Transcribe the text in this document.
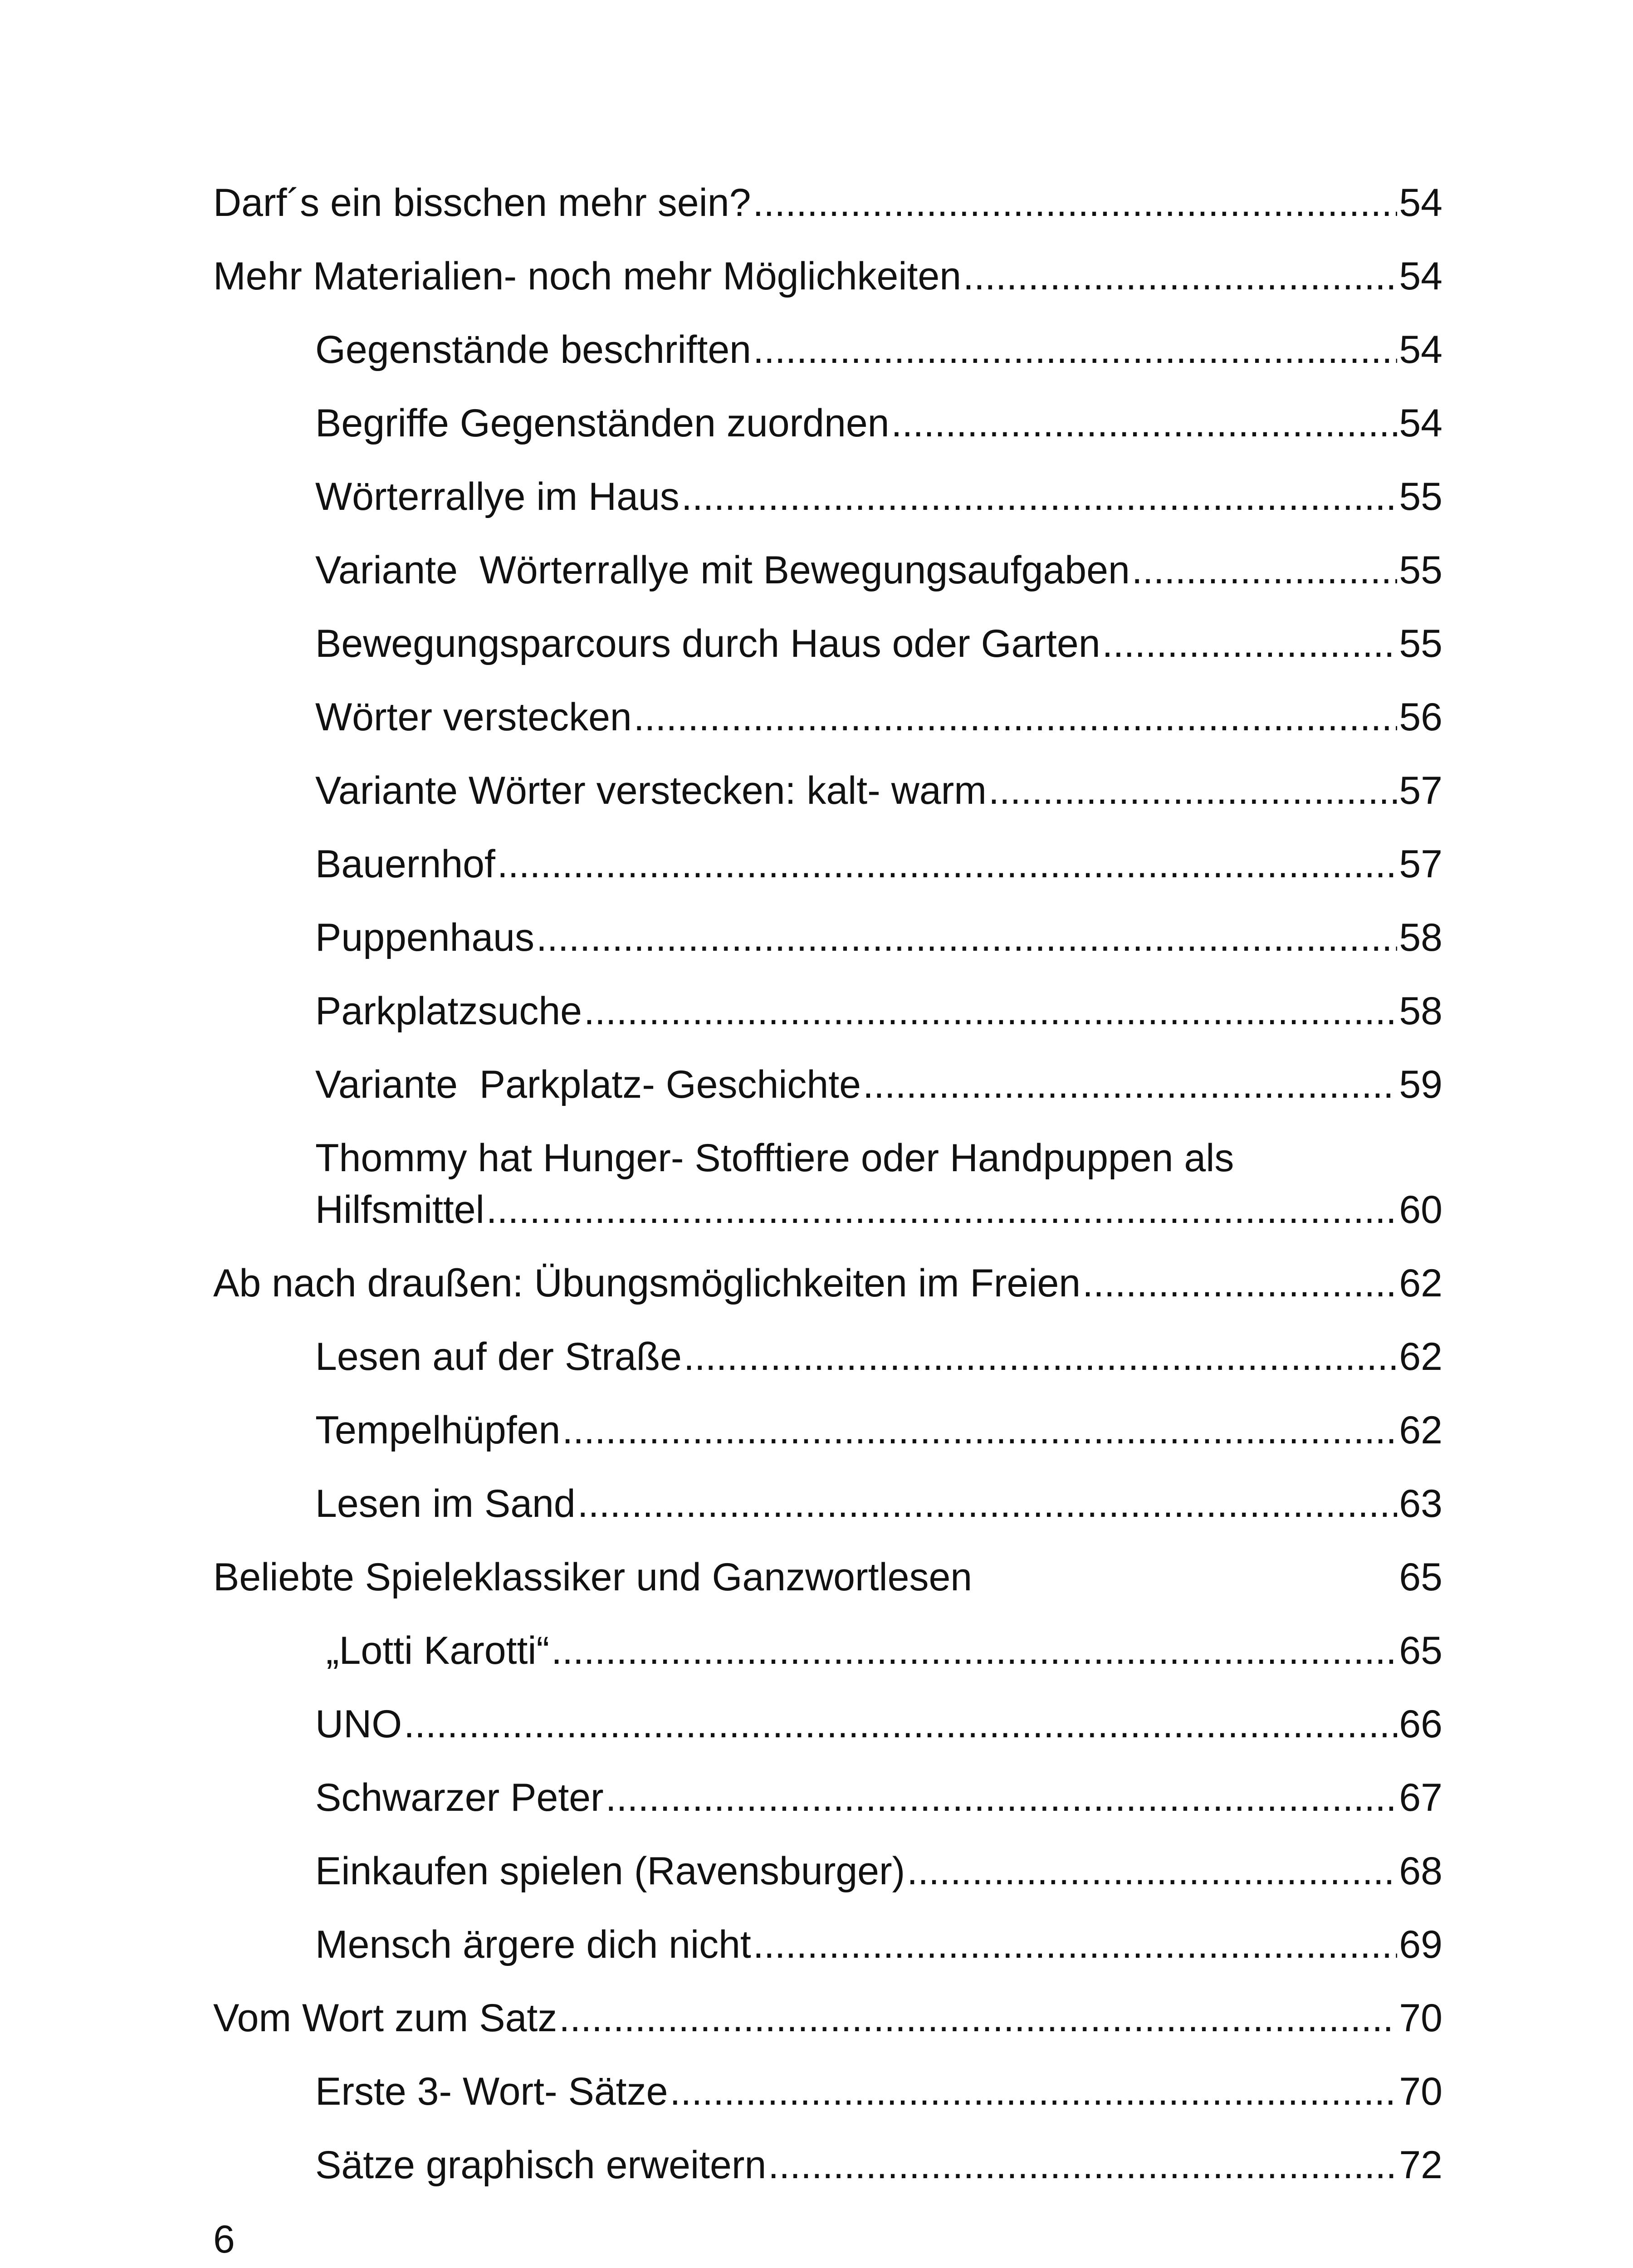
Darf´s ein bisschen mehr sein? .....	54
Mehr Materialien- noch mehr Möglichkeiten .....	54
Gegenstände beschriften .....	54
Begriffe Gegenständen zuordnen .....	54
Wörterrallye im Haus .....	55
Variante  Wörterrallye mit Bewegungsaufgaben .....	55
Bewegungsparcours durch Haus oder Garten .....	55
Wörter verstecken .....	56
Variante Wörter verstecken: kalt- warm .....	57
Bauernhof .....	57
Puppenhaus .....	58
Parkplatzsuche .....	58
Variante  Parkplatz- Geschichte .....	59
Thommy hat Hunger- Stofftiere oder Handpuppen als
Hilfsmittel .....	60
Ab nach draußen: Übungsmöglichkeiten im Freien .....	62
Lesen auf der Straße .....	62
Tempelhüpfen .....	62
Lesen im Sand .....	63
Beliebte Spieleklassiker und Ganzwortlesen	65
„Lotti Karotti“ .....	65
UNO .....	66
Schwarzer Peter .....	67
Einkaufen spielen (Ravensburger) .....	68
Mensch ärgere dich nicht .....	69
Vom Wort zum Satz .....	70
Erste 3- Wort- Sätze .....	70
Sätze graphisch erweitern .....	72
6
